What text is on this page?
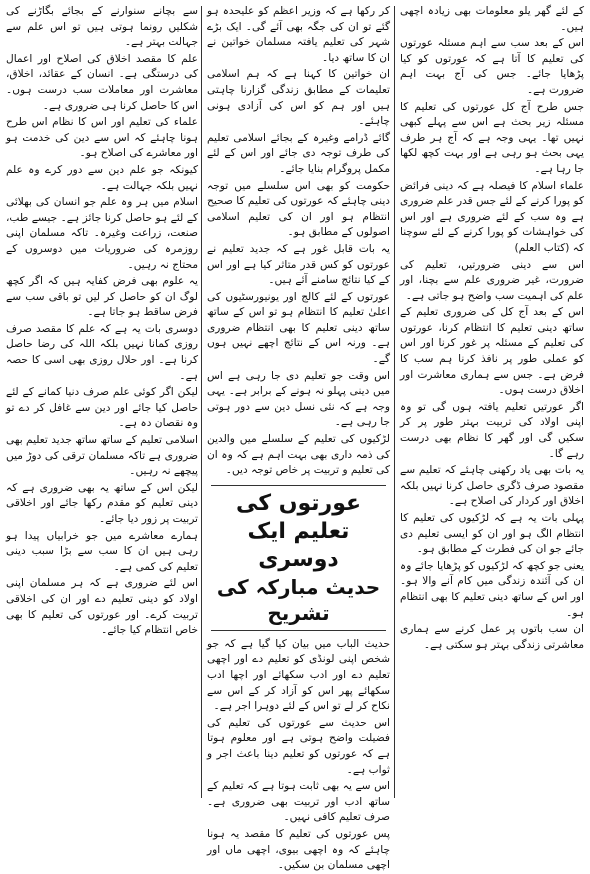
کے لئے گھر یلو معلومات بھی زیادہ اچھی ہیں۔

اس کے بعد سب سے اہم مسئلہ عورتوں کی تعلیم کا آتا ہے کہ عورتوں کو کیا پڑھایا جائے۔ جس کی آج بہت اہم ضرورت ہے۔

جس طرح آج کل عورتوں کی تعلیم کا مسئلہ زیر بحث ہے اس سے پہلے کبھی نہیں تھا۔ یہی وجہ ہے کہ آج ہر طرف یہی بحث ہو رہی ہے اور بہت کچھ لکھا جا رہا ہے۔

علماء اسلام کا فیصلہ ہے کہ دینی فرائض کو پورا کرنے کے لئے جس قدر علم ضروری ہے وہ سب کے لئے ضروری ہے اور اس کی خواہشات کو پورا کرنے کے لئے سوچنا کہ (کتاب العلم)

اس سے دینی ضرورتیں، تعلیم کی ضرورت، غیر ضروری علم سے بچنا، اور علم کی اہمیت سب واضح ہو جاتی ہے۔

اس کے بعد آج کل کی ضروری تعلیم کے ساتھ دینی تعلیم کا انتظام کرنا، عورتوں کی تعلیم کے مسئلہ پر غور کرنا اور اس کو عملی طور پر نافذ کرنا ہم سب کا فرض ہے۔ جس سے ہماری معاشرت اور اخلاق درست ہوں۔

اگر عورتیں تعلیم یافتہ ہوں گی تو وہ اپنی اولاد کی تربیت بہتر طور پر کر سکیں گی اور گھر کا نظام بھی درست رہے گا۔

یہ بات بھی یاد رکھنی چاہئے کہ تعلیم سے مقصود صرف ڈگری حاصل کرنا نہیں بلکہ اخلاق اور کردار کی اصلاح ہے۔

پہلی بات یہ ہے کہ لڑکیوں کی تعلیم کا انتظام الگ ہو اور ان کو ایسی تعلیم دی جائے جو ان کی فطرت کے مطابق ہو۔

یعنی جو کچھ کہ لڑکیوں کو پڑھایا جائے وہ ان کی آئندہ زندگی میں کام آنے والا ہو۔ اور اس کے ساتھ دینی تعلیم کا بھی انتظام ہو۔

ان سب باتوں پر عمل کرنے سے ہماری معاشرتی زندگی بہتر ہو سکتی ہے۔

کر رکھا ہے کہ وزیر اعظم کو علیحدہ ہو گئے تو ان کی جگہ بھی آئے گی۔ ایک بڑے شہر کی تعلیم یافتہ مسلمان خواتین نے ان کا ساتھ دیا۔

ان خواتین کا کہنا ہے کہ ہم اسلامی تعلیمات کے مطابق زندگی گزارنا چاہتی ہیں اور ہم کو اس کی آزادی ہونی چاہئے۔

گائے ڈرامے وغیرہ کے بجائے اسلامی تعلیم کی طرف توجہ دی جائے اور اس کے لئے مکمل پروگرام بنایا جائے۔

حکومت کو بھی اس سلسلے میں توجہ دینی چاہئے کہ عورتوں کی تعلیم کا صحیح انتظام ہو اور ان کی تعلیم اسلامی اصولوں کے مطابق ہو۔

یہ بات قابل غور ہے کہ جدید تعلیم نے عورتوں کو کس قدر متاثر کیا ہے اور اس کے کیا نتائج سامنے آئے ہیں۔

عورتوں کے لئے کالج اور یونیورسٹیوں کی اعلیٰ تعلیم کا انتظام ہو تو اس کے ساتھ ساتھ دینی تعلیم کا بھی انتظام ضروری ہے۔ ورنہ اس کے نتائج اچھے نہیں ہوں گے۔

اس وقت جو تعلیم دی جا رہی ہے اس میں دینی پہلو نہ ہونے کے برابر ہے۔ یہی وجہ ہے کہ نئی نسل دین سے دور ہوتی جا رہی ہے۔

لڑکیوں کی تعلیم کے سلسلے میں والدین کی ذمہ داری بھی بہت اہم ہے کہ وہ ان کی تعلیم و تربیت پر خاص توجہ دیں۔

عورتوں کی تعلیم ایک دوسری
حدیث مبارکہ کی تشریح

حدیث الباب میں بیان کیا گیا ہے کہ جو شخص اپنی لونڈی کو تعلیم دے اور اچھی تعلیم دے اور ادب سکھائے اور اچھا ادب سکھائے پھر اس کو آزاد کر کے اس سے نکاح کر لے تو اس کے لئے دوہرا اجر ہے۔

اس حدیث سے عورتوں کی تعلیم کی فضیلت واضح ہوتی ہے اور معلوم ہوتا ہے کہ عورتوں کو تعلیم دینا باعث اجر و ثواب ہے۔

اس سے یہ بھی ثابت ہوتا ہے کہ تعلیم کے ساتھ ادب اور تربیت بھی ضروری ہے۔ صرف تعلیم کافی نہیں۔

پس عورتوں کی تعلیم کا مقصد یہ ہونا چاہئے کہ وہ اچھی بیوی، اچھی ماں اور اچھی مسلمان بن سکیں۔

سے بچانے سنوارنے کے بجائے بگاڑنے کی شکلیں رونما ہوتی ہیں تو اس علم سے جہالت بہتر ہے۔

علم کا مقصد اخلاق کی اصلاح اور اعمال کی درستگی ہے۔ انسان کے عقائد، اخلاق، معاشرت اور معاملات سب درست ہوں۔ اس کا حاصل کرنا ہی ضروری ہے۔

علماء کی تعلیم اور اس کا نظام اس طرح ہونا چاہئے کہ اس سے دین کی خدمت ہو اور معاشرے کی اصلاح ہو۔

کیونکہ جو علم دین سے دور کرے وہ علم نہیں بلکہ جہالت ہے۔

اسلام میں ہر وہ علم جو انسان کی بھلائی کے لئے ہو حاصل کرنا جائز ہے۔ جیسے طب، صنعت، زراعت وغیرہ۔ تاکہ مسلمان اپنی روزمرہ کی ضروریات میں دوسروں کے محتاج نہ رہیں۔

یہ علوم بھی فرض کفایہ ہیں کہ اگر کچھ لوگ ان کو حاصل کر لیں تو باقی سب سے فرض ساقط ہو جاتا ہے۔

دوسری بات یہ ہے کہ علم کا مقصد صرف روزی کمانا نہیں بلکہ اللہ کی رضا حاصل کرنا ہے۔ اور حلال روزی بھی اسی کا حصہ ہے۔

لیکن اگر کوئی علم صرف دنیا کمانے کے لئے حاصل کیا جائے اور دین سے غافل کر دے تو وہ نقصان دہ ہے۔

اسلامی تعلیم کے ساتھ ساتھ جدید تعلیم بھی ضروری ہے تاکہ مسلمان ترقی کی دوڑ میں پیچھے نہ رہیں۔

لیکن اس کے ساتھ یہ بھی ضروری ہے کہ دینی تعلیم کو مقدم رکھا جائے اور اخلاقی تربیت پر زور دیا جائے۔

ہمارے معاشرے میں جو خرابیاں پیدا ہو رہی ہیں ان کا سب سے بڑا سبب دینی تعلیم کی کمی ہے۔

اس لئے ضروری ہے کہ ہر مسلمان اپنی اولاد کو دینی تعلیم دے اور ان کی اخلاقی تربیت کرے۔ اور عورتوں کی تعلیم کا بھی خاص انتظام کیا جائے۔
